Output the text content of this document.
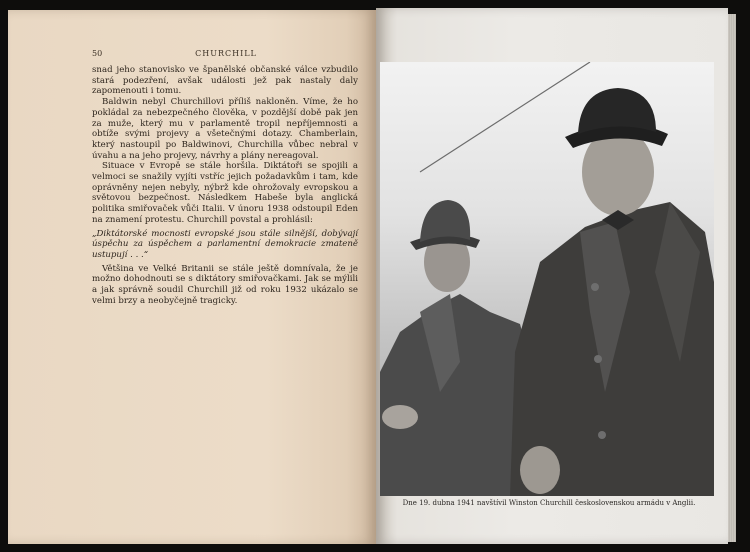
50	CHURCHILL

snad jeho stanovisko ve španělské občanské válce vzbudilo stará podezření, avšak události jež pak nastaly daly zapomenouti i tomu.

Baldwin nebyl Churchillovi příliš nakloněn. Víme, že ho pokládal za nebezpečného člověka, v pozdější době pak jen za muže, který mu v parlamentě tropil nepříjemnosti a obtíže svými projevy a všetečnými dotazy. Chamberlain, který nastoupil po Baldwinovi, Churchilla vůbec nebral v úvahu a na jeho projevy, návrhy a plány nereagoval.

Situace v Evropě se stále horšila. Diktátoři se spojili a velmoci se snažily vyjíti vstříc jejich požadavkům i tam, kde oprávněny nejen nebyly, nýbrž kde ohrožovaly evropskou a světovou bezpečnost. Následkem Habeše byla anglická politika smiřovaček vůči Italii. V únoru 1938 odstoupil Eden na znamení protestu. Churchill povstal a prohlásil:

„Diktátorské mocnosti evropské jsou stále silnější, dobývají úspěchu za úspěchem a parlamentní demokracie zmateně ustupují . . .“

Většina ve Velké Britanii se stále ještě domnívala, že je možno dohodnouti se s diktátory smiřovačkami. Jak se mýlili a jak správně soudil Churchill již od roku 1932 ukázalo se velmi brzy a neobyčejně tragicky.

Dne 19. dubna 1941 navštívil Winston Churchill československou armádu v Anglii.
